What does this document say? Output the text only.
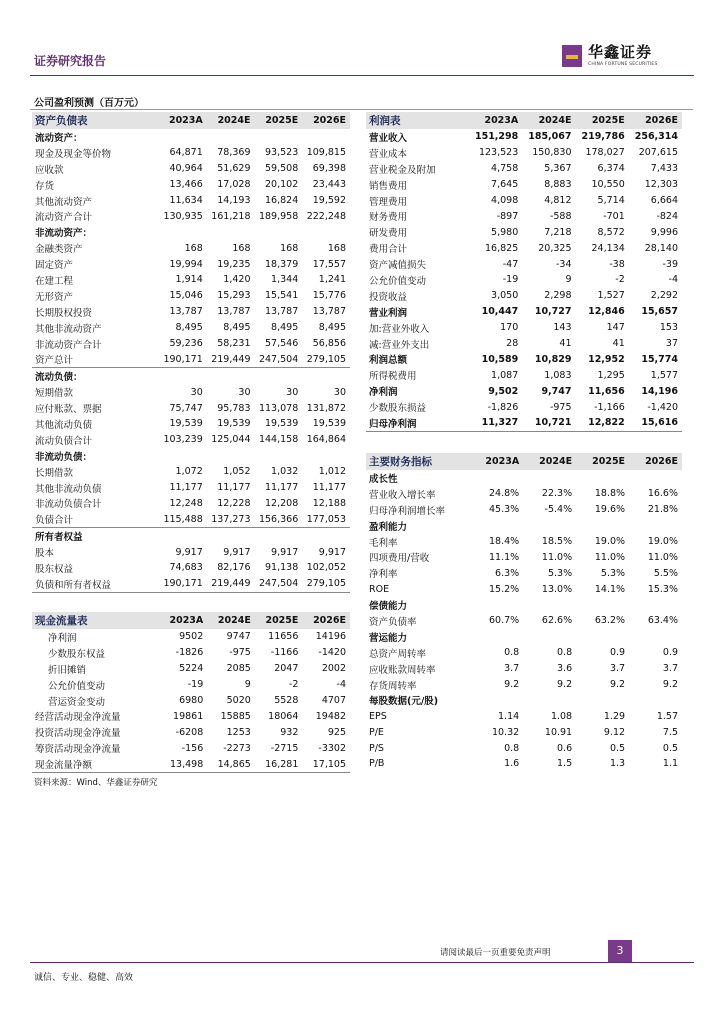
证券研究报告	华鑫证券
CHINA FORTUNE SECURITIES
公司盈利预测（百万元）
资产负债表	2023A	2024E	2025E	2026E
流动资产：				
现金及现金等价物	64,871	78,369	93,523	109,815
应收款	40,964	51,629	59,508	69,398
存货	13,466	17,028	20,102	23,443
其他流动资产	11,634	14,193	16,824	19,592
流动资产合计	130,935	161,218	189,958	222,248
非流动资产：				
金融类资产	168	168	168	168
固定资产	19,994	19,235	18,379	17,557
在建工程	1,914	1,420	1,344	1,241
无形资产	15,046	15,293	15,541	15,776
长期股权投资	13,787	13,787	13,787	13,787
其他非流动资产	8,495	8,495	8,495	8,495
非流动资产合计	59,236	58,231	57,546	56,856
资产总计	190,171	219,449	247,504	279,105
流动负债：				
短期借款	30	30	30	30
应付账款、票据	75,747	95,783	113,078	131,872
其他流动负债	19,539	19,539	19,539	19,539
流动负债合计	103,239	125,044	144,158	164,864
非流动负债：				
长期借款	1,072	1,052	1,032	1,012
其他非流动负债	11,177	11,177	11,177	11,177
非流动负债合计	12,248	12,228	12,208	12,188
负债合计	115,488	137,273	156,366	177,053
所有者权益				
股本	9,917	9,917	9,917	9,917
股东权益	74,683	82,176	91,138	102,052
负债和所有者权益	190,171	219,449	247,504	279,105
现金流量表	2023A	2024E	2025E	2026E
净利润	9502	9747	11656	14196
少数股东权益	-1826	-975	-1166	-1420
折旧摊销	5224	2085	2047	2002
公允价值变动	-19	9	-2	-4
营运资金变动	6980	5020	5528	4707
经营活动现金净流量	19861	15885	18064	19482
投资活动现金净流量	-6208	1253	932	925
筹资活动现金净流量	-156	-2273	-2715	-3302
现金流量净额	13,498	14,865	16,281	17,105
利润表	2023A	2024E	2025E	2026E
营业收入	151,298	185,067	219,786	256,314
营业成本	123,523	150,830	178,027	207,615
营业税金及附加	4,758	5,367	6,374	7,433
销售费用	7,645	8,883	10,550	12,303
管理费用	4,098	4,812	5,714	6,664
财务费用	-897	-588	-701	-824
研发费用	5,980	7,218	8,572	9,996
费用合计	16,825	20,325	24,134	28,140
资产减值损失	-47	-34	-38	-39
公允价值变动	-19	9	-2	-4
投资收益	3,050	2,298	1,527	2,292
营业利润	10,447	10,727	12,846	15,657
加:营业外收入	170	143	147	153
减:营业外支出	28	41	41	37
利润总额	10,589	10,829	12,952	15,774
所得税费用	1,087	1,083	1,295	1,577
净利润	9,502	9,747	11,656	14,196
少数股东损益	-1,826	-975	-1,166	-1,420
归母净利润	11,327	10,721	12,822	15,616
主要财务指标	2023A	2024E	2025E	2026E
成长性				
营业收入增长率	24.8%	22.3%	18.8%	16.6%
归母净利润增长率	45.3%	-5.4%	19.6%	21.8%
盈利能力				
毛利率	18.4%	18.5%	19.0%	19.0%
四项费用/营收	11.1%	11.0%	11.0%	11.0%
净利率	6.3%	5.3%	5.3%	5.5%
ROE	15.2%	13.0%	14.1%	15.3%
偿债能力				
资产负债率	60.7%	62.6%	63.2%	63.4%
营运能力				
总资产周转率	0.8	0.8	0.9	0.9
应收账款周转率	3.7	3.6	3.7	3.7
存货周转率	9.2	9.2	9.2	9.2
每股数据(元/股)				
EPS	1.14	1.08	1.29	1.57
P/E	10.32	10.91	9.12	7.5
P/S	0.8	0.6	0.5	0.5
P/B	1.6	1.5	1.3	1.1
资料来源：Wind、华鑫证券研究
请阅读最后一页重要免责声明	3
诚信、专业、稳健、高效
